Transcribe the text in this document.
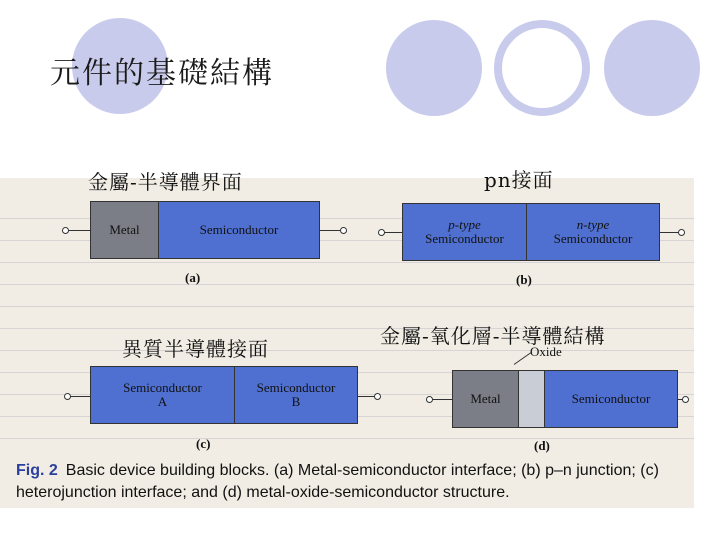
元件的基礎結構
金屬-半導體界面	pn接面
異質半導體接面
金屬-氧化層-半導體結構
Metal	Semiconductor
(a)
p-type
Semiconductor
n-type
Semiconductor
(b)
Semiconductor
A
Semiconductor
B
(c)
Oxide
Metal	Semiconductor
(d)
Fig. 2 Basic device building blocks. (a) Metal-semiconductor interface; (b) p–n junction; (c) heterojunction interface; and (d) metal-oxide-semiconductor structure.
